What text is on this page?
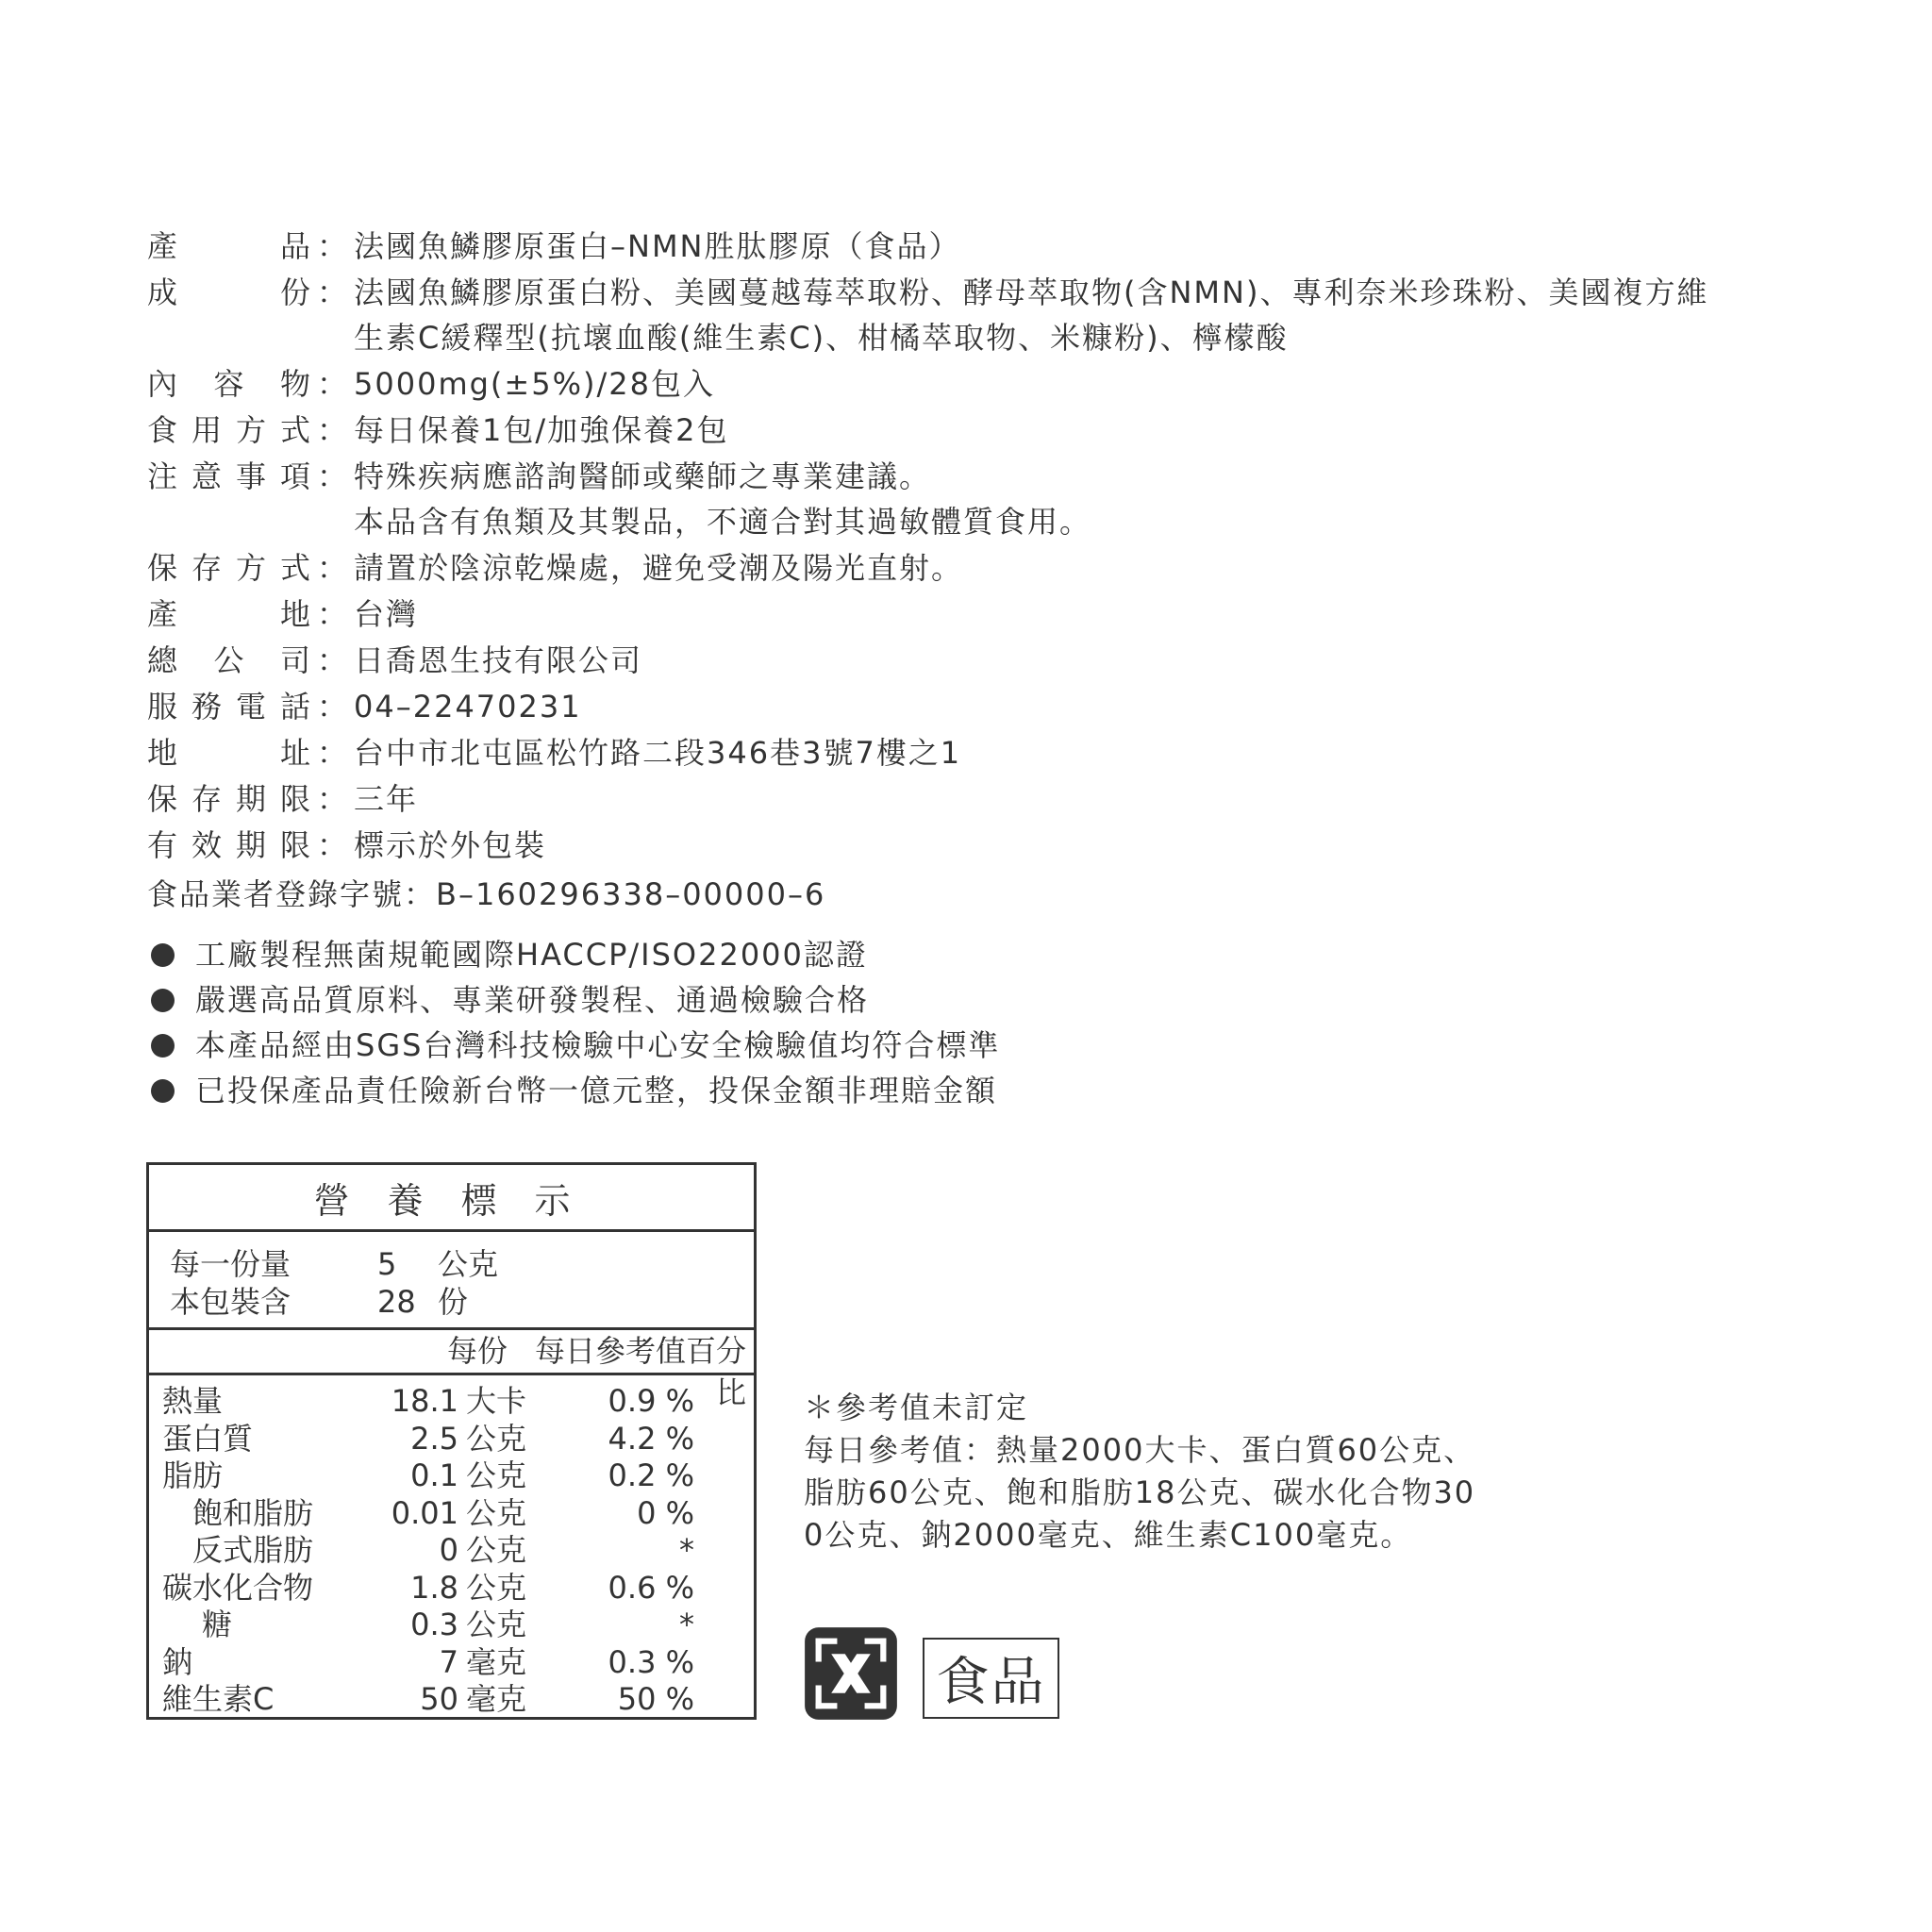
產	品 ： 法國魚鱗膠原蛋白–NMN胜肽膠原（食品）
成	份 ： 法國魚鱗膠原蛋白粉、美國蔓越莓萃取粉、酵母萃取物(含NMN)、專利奈米珍珠粉、美國複方維
生素C緩釋型(抗壞血酸(維生素C)、柑橘萃取物、米糠粉)、檸檬酸
內 容 物 ： 5000mg(±5%)/28包入
食 用 方 式 ： 每日保養1包/加強保養2包
注 意 事 項 ： 特殊疾病應諮詢醫師或藥師之專業建議。
本品含有魚類及其製品，不適合對其過敏體質食用。
保 存 方 式 ： 請置於陰涼乾燥處，避免受潮及陽光直射。
產	地 ： 台灣
總 公 司 ： 日喬恩生技有限公司
服 務 電 話 ： 04–22470231
地	址 ： 台中市北屯區松竹路二段346巷3號7樓之1
保 存 期 限 ： 三年
有 效 期 限 ： 標示於外包裝
食品業者登錄字號：B–160296338–00000–6
工廠製程無菌規範國際HACCP/ISO22000認證
嚴選高品質原料、專業研發製程、通過檢驗合格
本產品經由SGS台灣科技檢驗中心安全檢驗值均符合標準
已投保產品責任險新台幣一億元整，投保金額非理賠金額
營養標示
每一份量	5	公克
本包裝含	28 份
每份 每日參考值百分比
熱量	18.1 大卡	0.9 %
蛋白質	2.5 公克	4.2 %
脂肪	0.1 公克	0.2 %
飽和脂肪	0.01 公克	0 %
反式脂肪	0 公克	*
碳水化合物	1.8 公克	0.6 %
糖	0.3 公克	*
鈉	7 毫克	0.3 %
維生素C	50 毫克	50 %
＊參考值未訂定
每日參考值：熱量2000大卡、蛋白質60公克、
脂肪60公克、飽和脂肪18公克、碳水化合物30
0公克、鈉2000毫克、維生素C100毫克。
食品
